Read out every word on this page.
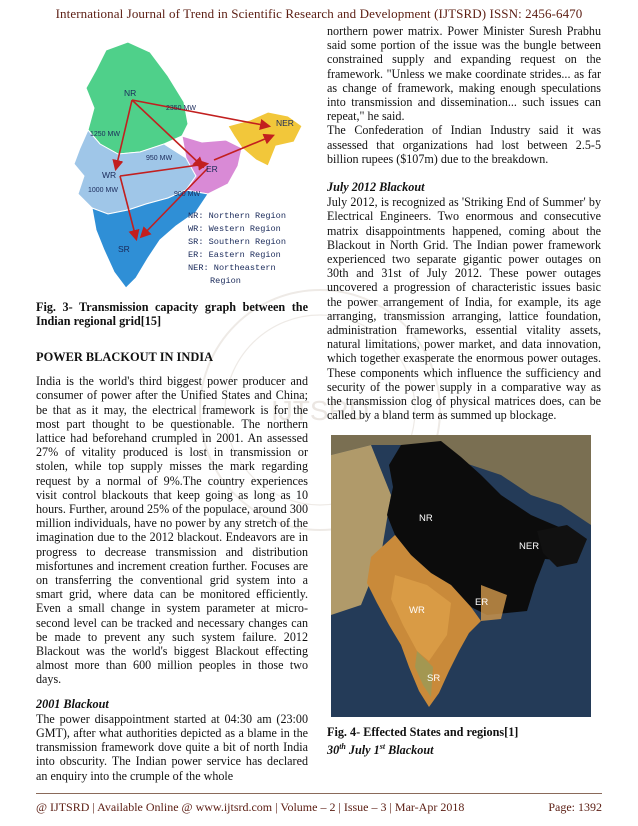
International Journal of Trend in Scientific Research and Development (IJTSRD) ISSN: 2456-6470
IJTSRD
NR
WR
ER
NER
SR
2350 MW
1250 MW
950 MW
1000 MW
900 MW
NR: Northern Region
WR: Western Region
SR: Southern Region
ER: Eastern Region
NER: Northeastern
Region
Fig. 3- Transmission capacity graph between the Indian regional grid[15]
POWER BLACKOUT IN INDIA
India is the world's third biggest power producer and consumer of power after the Unified States and China; be that as it may, the electrical framework is for the most part thought to be questionable. The northern lattice had beforehand crumpled in 2001. An assessed 27% of vitality produced is lost in transmission or stolen, while top supply misses the mark regarding request by a normal of 9%.The country experiences visit control blackouts that keep going as long as 10 hours. Further, around 25% of the populace, around 300 million individuals, have no power by any stretch of the imagination due to the 2012 blackout. Endeavors are in progress to decrease transmission and distribution misfortunes and increment creation further. Focuses are on transferring the conventional grid system into a smart grid, where data can be monitored efficiently. Even a small change in system parameter at micro-second level can be tracked and necessary changes can be made to prevent any such system failure. 2012 Blackout was the world's biggest Blackout effecting almost more than 600 million peoples in those two days.
2001 Blackout
The power disappointment started at 04:30 am (23:00 GMT), after what authorities depicted as a blame in the transmission framework dove quite a bit of north India into obscurity. The Indian power service has declared an enquiry into the crumple of the whole
northern power matrix. Power Minister Suresh Prabhu said some portion of the issue was the bungle between constrained supply and expanding request on the framework. "Unless we make coordinate strides... as far as change of framework, making enough speculations into transmission and dissemination... such issues can repeat," he said.
The Confederation of Indian Industry said it was assessed that organizations had lost between 2.5-5 billion rupees ($107m) due to the breakdown.
July 2012 Blackout
July 2012, is recognized as 'Striking End of Summer' by Electrical Engineers. Two enormous and consecutive matrix disappointments happened, coming about the Blackout in North Grid. The Indian power framework experienced two separate gigantic power outages on 30th and 31st of July 2012. These power outages uncovered a progression of characteristic issues basic the power arrangement of India, for example, its age arranging, transmission arranging, lattice foundation, administration frameworks, essential vitality assets, natural limitations, power market, and data innovation, which together exasperate the enormous power outages. These components which influence the sufficiency and security of the power supply in a comparative way as the transmission clog of physical matrices does, can be called by a bland term as summed up blockage.
NR
WR
ER
NER
SR
Fig. 4- Effected States and regions[1]
30th July 1st Blackout
@ IJTSRD | Available Online @ www.ijtsrd.com | Volume – 2 | Issue – 3 | Mar-Apr 2018	Page: 1392
